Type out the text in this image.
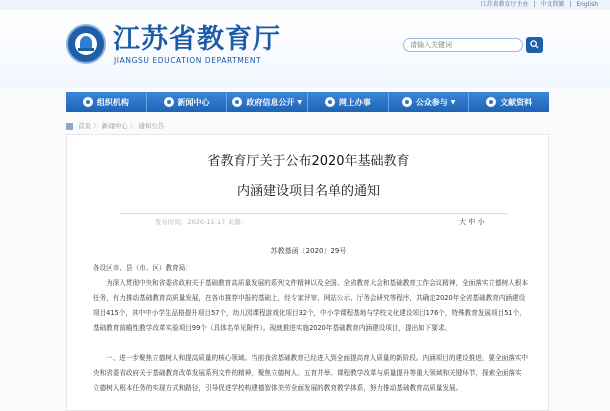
江苏省教育厅主办 | 中文简繁 | English
江苏省教育厅
JIANGSU EDUCATION DEPARTMENT
请输入关键词
组织机构	新闻中心	政府信息公开 ▼	网上办事	公众参与 ▼	文献资料
首页 〉 新闻中心 〉 通知公告
省教育厅关于公布2020年基础教育
内涵建设项目名单的通知
发布时间：2020-11-17 来源：	大 中 小
苏教基函〔2020〕29号
各设区市、县（市、区）教育局：
为深入贯彻中央和省委省政府关于基础教育高质量发展的系列文件精神以及全国、全省教育大会和基础教育工作会议精神，全面落实立德树人根本任务，有力推动基础教育高质量发展，在各市推荐申报的基础上，经专家评审、网站公示、厅务会研究等程序，共确定2020年全省基础教育内涵建设项目415个，其中中小学生品格提升项目57个，幼儿园课程游戏化项目32个，中小学课程基地与学校文化建设项目176个，特殊教育发展项目51个，基础教育前瞻性教学改革实验项目99个（具体名单见附件）。现就推进实施2020年基础教育内涵建设项目，提出如下要求。
一、进一步聚焦立德树人和提高质量的核心领域。当前我省基础教育已经进入到全面提高育人质量的新阶段。内涵项目的建设推进，要全面落实中央和省委省政府关于基础教育改革发展系列文件的精神，聚焦立德树人、五育并举、课程教学改革与质量提升等重大领域和关键环节，探索全面落实立德树人根本任务的实现方式和路径，引导促进学校构建德智体美劳全面发展的教育教学体系，努力推动基础教育高质量发展。
